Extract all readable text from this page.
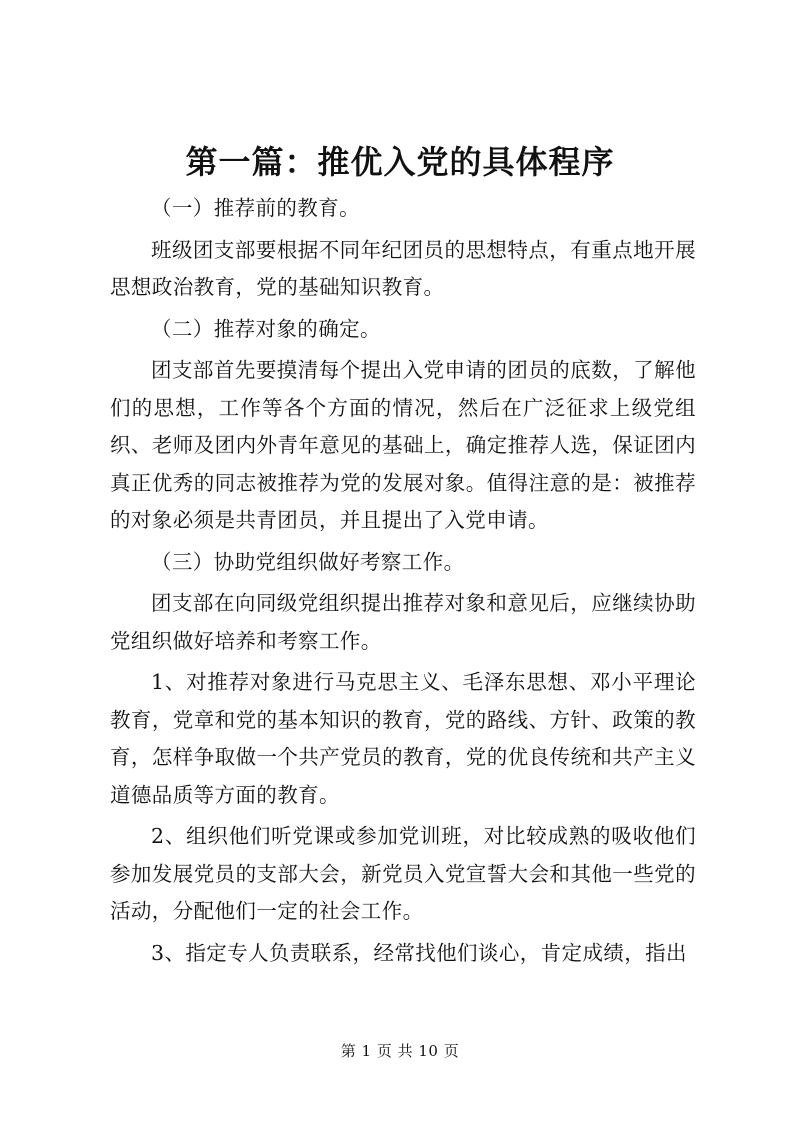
第一篇：推优入党的具体程序

（一）推荐前的教育。

班级团支部要根据不同年纪团员的思想特点，有重点地开展思想政治教育，党的基础知识教育。

（二）推荐对象的确定。

团支部首先要摸清每个提出入党申请的团员的底数，了解他们的思想，工作等各个方面的情况，然后在广泛征求上级党组织、老师及团内外青年意见的基础上，确定推荐人选，保证团内真正优秀的同志被推荐为党的发展对象。值得注意的是：被推荐的对象必须是共青团员，并且提出了入党申请。

（三）协助党组织做好考察工作。

团支部在向同级党组织提出推荐对象和意见后，应继续协助党组织做好培养和考察工作。

1、对推荐对象进行马克思主义、毛泽东思想、邓小平理论教育，党章和党的基本知识的教育，党的路线、方针、政策的教育，怎样争取做一个共产党员的教育，党的优良传统和共产主义道德品质等方面的教育。

2、组织他们听党课或参加党训班，对比较成熟的吸收他们参加发展党员的支部大会，新党员入党宣誓大会和其他一些党的活动，分配他们一定的社会工作。

3、指定专人负责联系，经常找他们谈心，肯定成绩，指出

第 1 页 共 10 页
